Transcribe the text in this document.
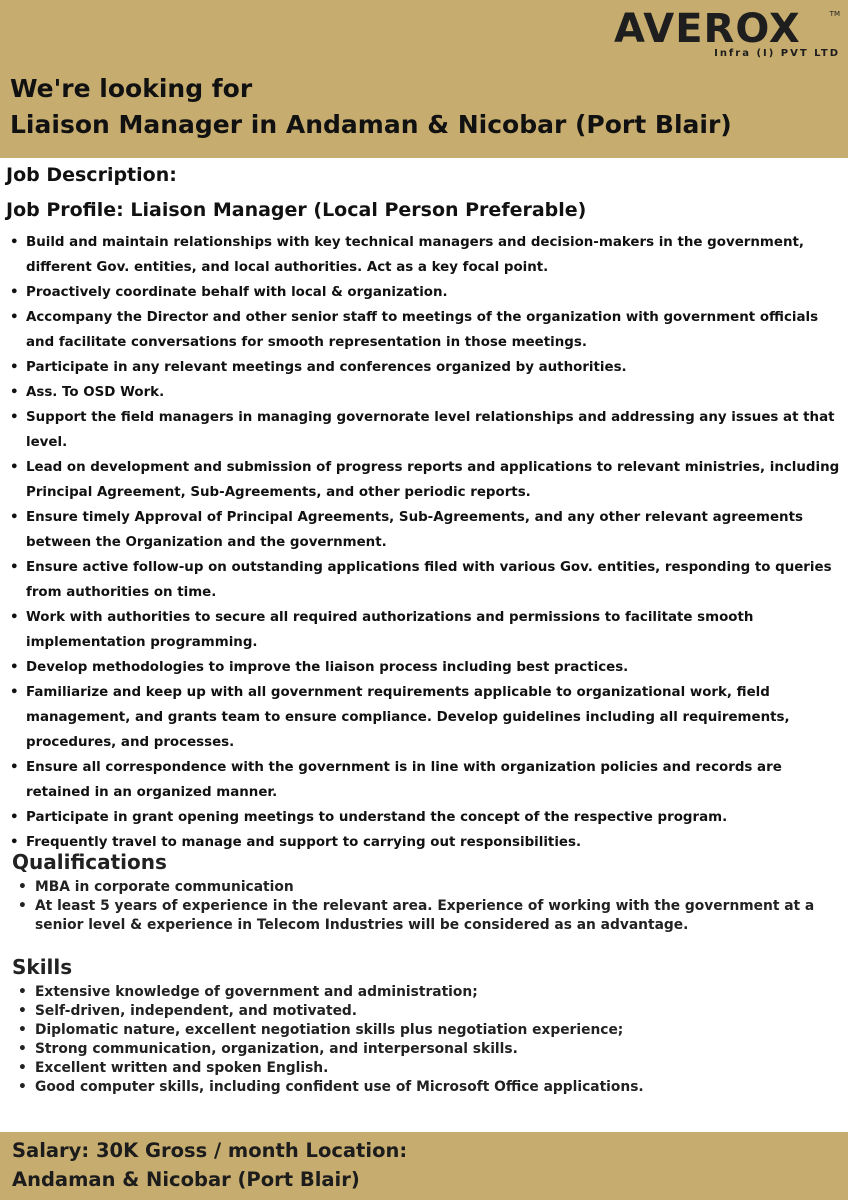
AVEROX	TM
Infra (I) PVT LTD
We're looking for
Liaison Manager in Andaman & Nicobar (Port Blair)
Job Description:
Job Profile: Liaison Manager (Local Person Preferable)
• Build and maintain relationships with key technical managers and decision-makers in the government, different Gov. entities, and local authorities. Act as a key focal point.
• Proactively coordinate behalf with local & organization.
• Accompany the Director and other senior staff to meetings of the organization with government officials and facilitate conversations for smooth representation in those meetings.
• Participate in any relevant meetings and conferences organized by authorities.
• Ass. To OSD Work.
• Support the field managers in managing governorate level relationships and addressing any issues at that level.
• Lead on development and submission of progress reports and applications to relevant ministries, including Principal Agreement, Sub-Agreements, and other periodic reports.
• Ensure timely Approval of Principal Agreements, Sub-Agreements, and any other relevant agreements between the Organization and the government.
• Ensure active follow-up on outstanding applications filed with various Gov. entities, responding to queries from authorities on time.
• Work with authorities to secure all required authorizations and permissions to facilitate smooth implementation programming.
• Develop methodologies to improve the liaison process including best practices.
• Familiarize and keep up with all government requirements applicable to organizational work, field management, and grants team to ensure compliance. Develop guidelines including all requirements, procedures, and processes.
• Ensure all correspondence with the government is in line with organization policies and records are retained in an organized manner.
• Participate in grant opening meetings to understand the concept of the respective program.
• Frequently travel to manage and support to carrying out responsibilities.
Qualifications
• MBA in corporate communication
• At least 5 years of experience in the relevant area. Experience of working with the government at a senior level & experience in Telecom Industries will be considered as an advantage.
Skills
• Extensive knowledge of government and administration;
• Self-driven, independent, and motivated.
• Diplomatic nature, excellent negotiation skills plus negotiation experience;
• Strong communication, organization, and interpersonal skills.
• Excellent written and spoken English.
• Good computer skills, including confident use of Microsoft Office applications.

Salary: 30K Gross / month Location: Andaman & Nicobar (Port Blair)
